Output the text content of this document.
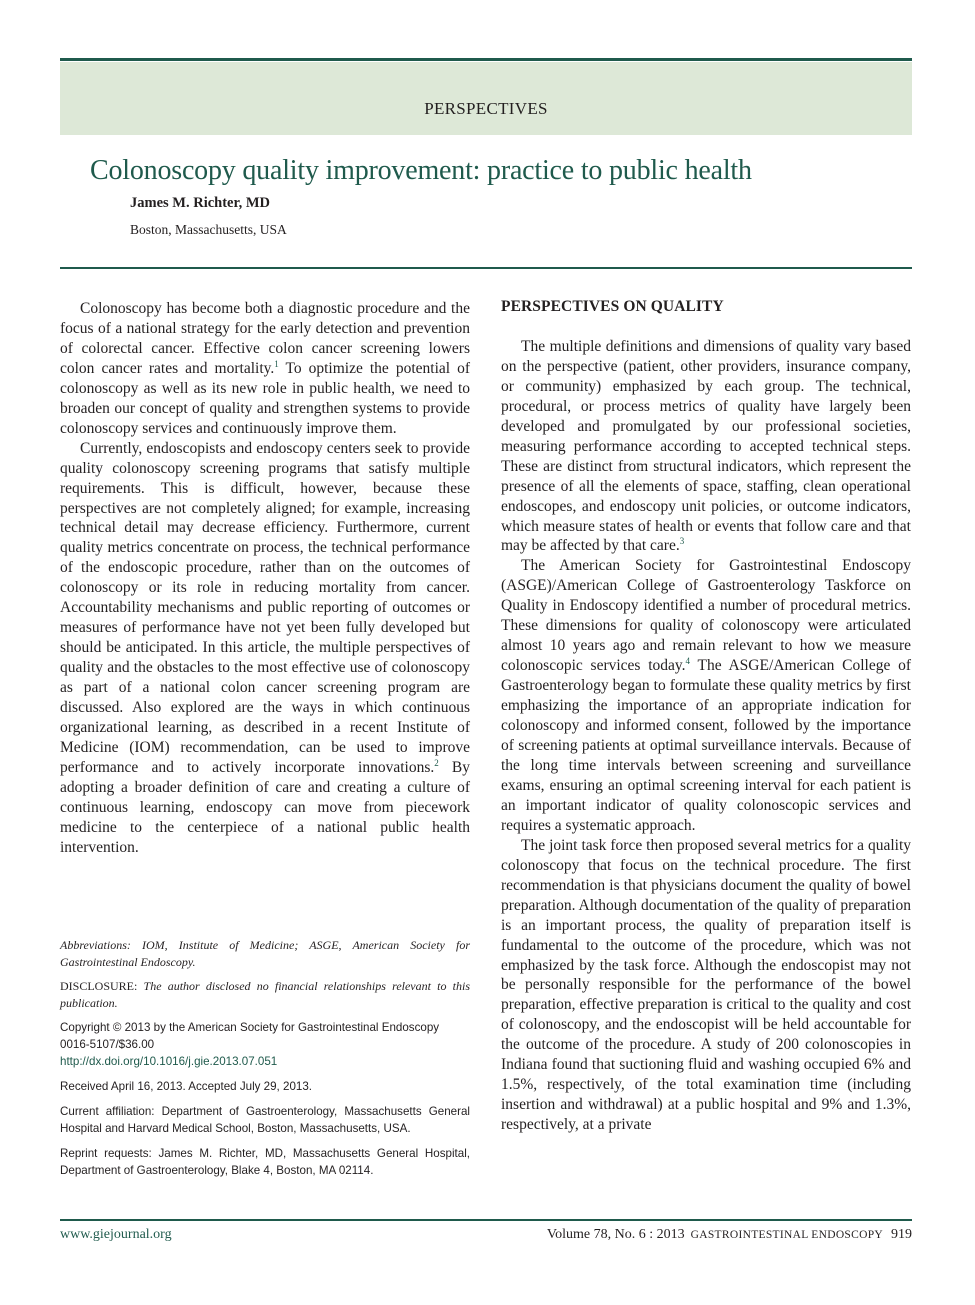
PERSPECTIVES
Colonoscopy quality improvement: practice to public health
James M. Richter, MD
Boston, Massachusetts, USA

Colonoscopy has become both a diagnostic procedure and the focus of a national strategy for the early detection and prevention of colorectal cancer. Effective colon cancer screening lowers colon cancer rates and mortality.$^1$ To optimize the potential of colonoscopy as well as its new role in public health, we need to broaden our concept of quality and strengthen systems to provide colonoscopy services and continuously improve them.

Currently, endoscopists and endoscopy centers seek to provide quality colonoscopy screening programs that satisfy multiple requirements. This is difficult, however, because these perspectives are not completely aligned; for example, increasing technical detail may decrease efficiency. Furthermore, current quality metrics concentrate on process, the technical performance of the endoscopic procedure, rather than on the outcomes of colonoscopy or its role in reducing mortality from cancer. Accountability mechanisms and public reporting of outcomes or measures of performance have not yet been fully developed but should be anticipated. In this article, the multiple perspectives of quality and the obstacles to the most effective use of colonoscopy as part of a national colon cancer screening program are discussed. Also explored are the ways in which continuous organizational learning, as described in a recent Institute of Medicine (IOM) recommendation, can be used to improve performance and to actively incorporate innovations.$^2$ By adopting a broader definition of care and creating a culture of continuous learning, endoscopy can move from piecework medicine to the centerpiece of a national public health intervention.

Abbreviations: IOM, Institute of Medicine; ASGE, American Society for Gastrointestinal Endoscopy.
DISCLOSURE: The author disclosed no financial relationships relevant to this publication.
Copyright © 2013 by the American Society for Gastrointestinal Endoscopy
0016-5107/$36.00
http://dx.doi.org/10.1016/j.gie.2013.07.051
Received April 16, 2013. Accepted July 29, 2013.
Current affiliation: Department of Gastroenterology, Massachusetts General Hospital and Harvard Medical School, Boston, Massachusetts, USA.
Reprint requests: James M. Richter, MD, Massachusetts General Hospital, Department of Gastroenterology, Blake 4, Boston, MA 02114.

PERSPECTIVES ON QUALITY

The multiple definitions and dimensions of quality vary based on the perspective (patient, other providers, insurance company, or community) emphasized by each group. The technical, procedural, or process metrics of quality have largely been developed and promulgated by our professional societies, measuring performance according to accepted technical steps. These are distinct from structural indicators, which represent the presence of all the elements of space, staffing, clean operational endoscopes, and endoscopy unit policies, or outcome indicators, which measure states of health or events that follow care and that may be affected by that care.$^3$

The American Society for Gastrointestinal Endoscopy (ASGE)/American College of Gastroenterology Taskforce on Quality in Endoscopy identified a number of procedural metrics. These dimensions for quality of colonoscopy were articulated almost 10 years ago and remain relevant to how we measure colonoscopic services today.$^4$ The ASGE/American College of Gastroenterology began to formulate these quality metrics by first emphasizing the importance of an appropriate indication for colonoscopy and informed consent, followed by the importance of screening patients at optimal surveillance intervals. Because of the long time intervals between screening and surveillance exams, ensuring an optimal screening interval for each patient is an important indicator of quality colonoscopic services and requires a systematic approach.

The joint task force then proposed several metrics for a quality colonoscopy that focus on the technical procedure. The first recommendation is that physicians document the quality of bowel preparation. Although documentation of the quality of preparation is an important process, the quality of preparation itself is fundamental to the outcome of the procedure, which was not emphasized by the task force. Although the endoscopist may not be personally responsible for the performance of the bowel preparation, effective preparation is critical to the quality and cost of colonoscopy, and the endoscopist will be held accountable for the outcome of the procedure. A study of 200 colonoscopies in Indiana found that suctioning fluid and washing occupied 6% and 1.5%, respectively, of the total examination time (including insertion and withdrawal) at a public hospital and 9% and 1.3%, respectively, at a private

www.giejournal.org	Volume 78, No. 6 : 2013 GASTROINTESTINAL ENDOSCOPY 919
